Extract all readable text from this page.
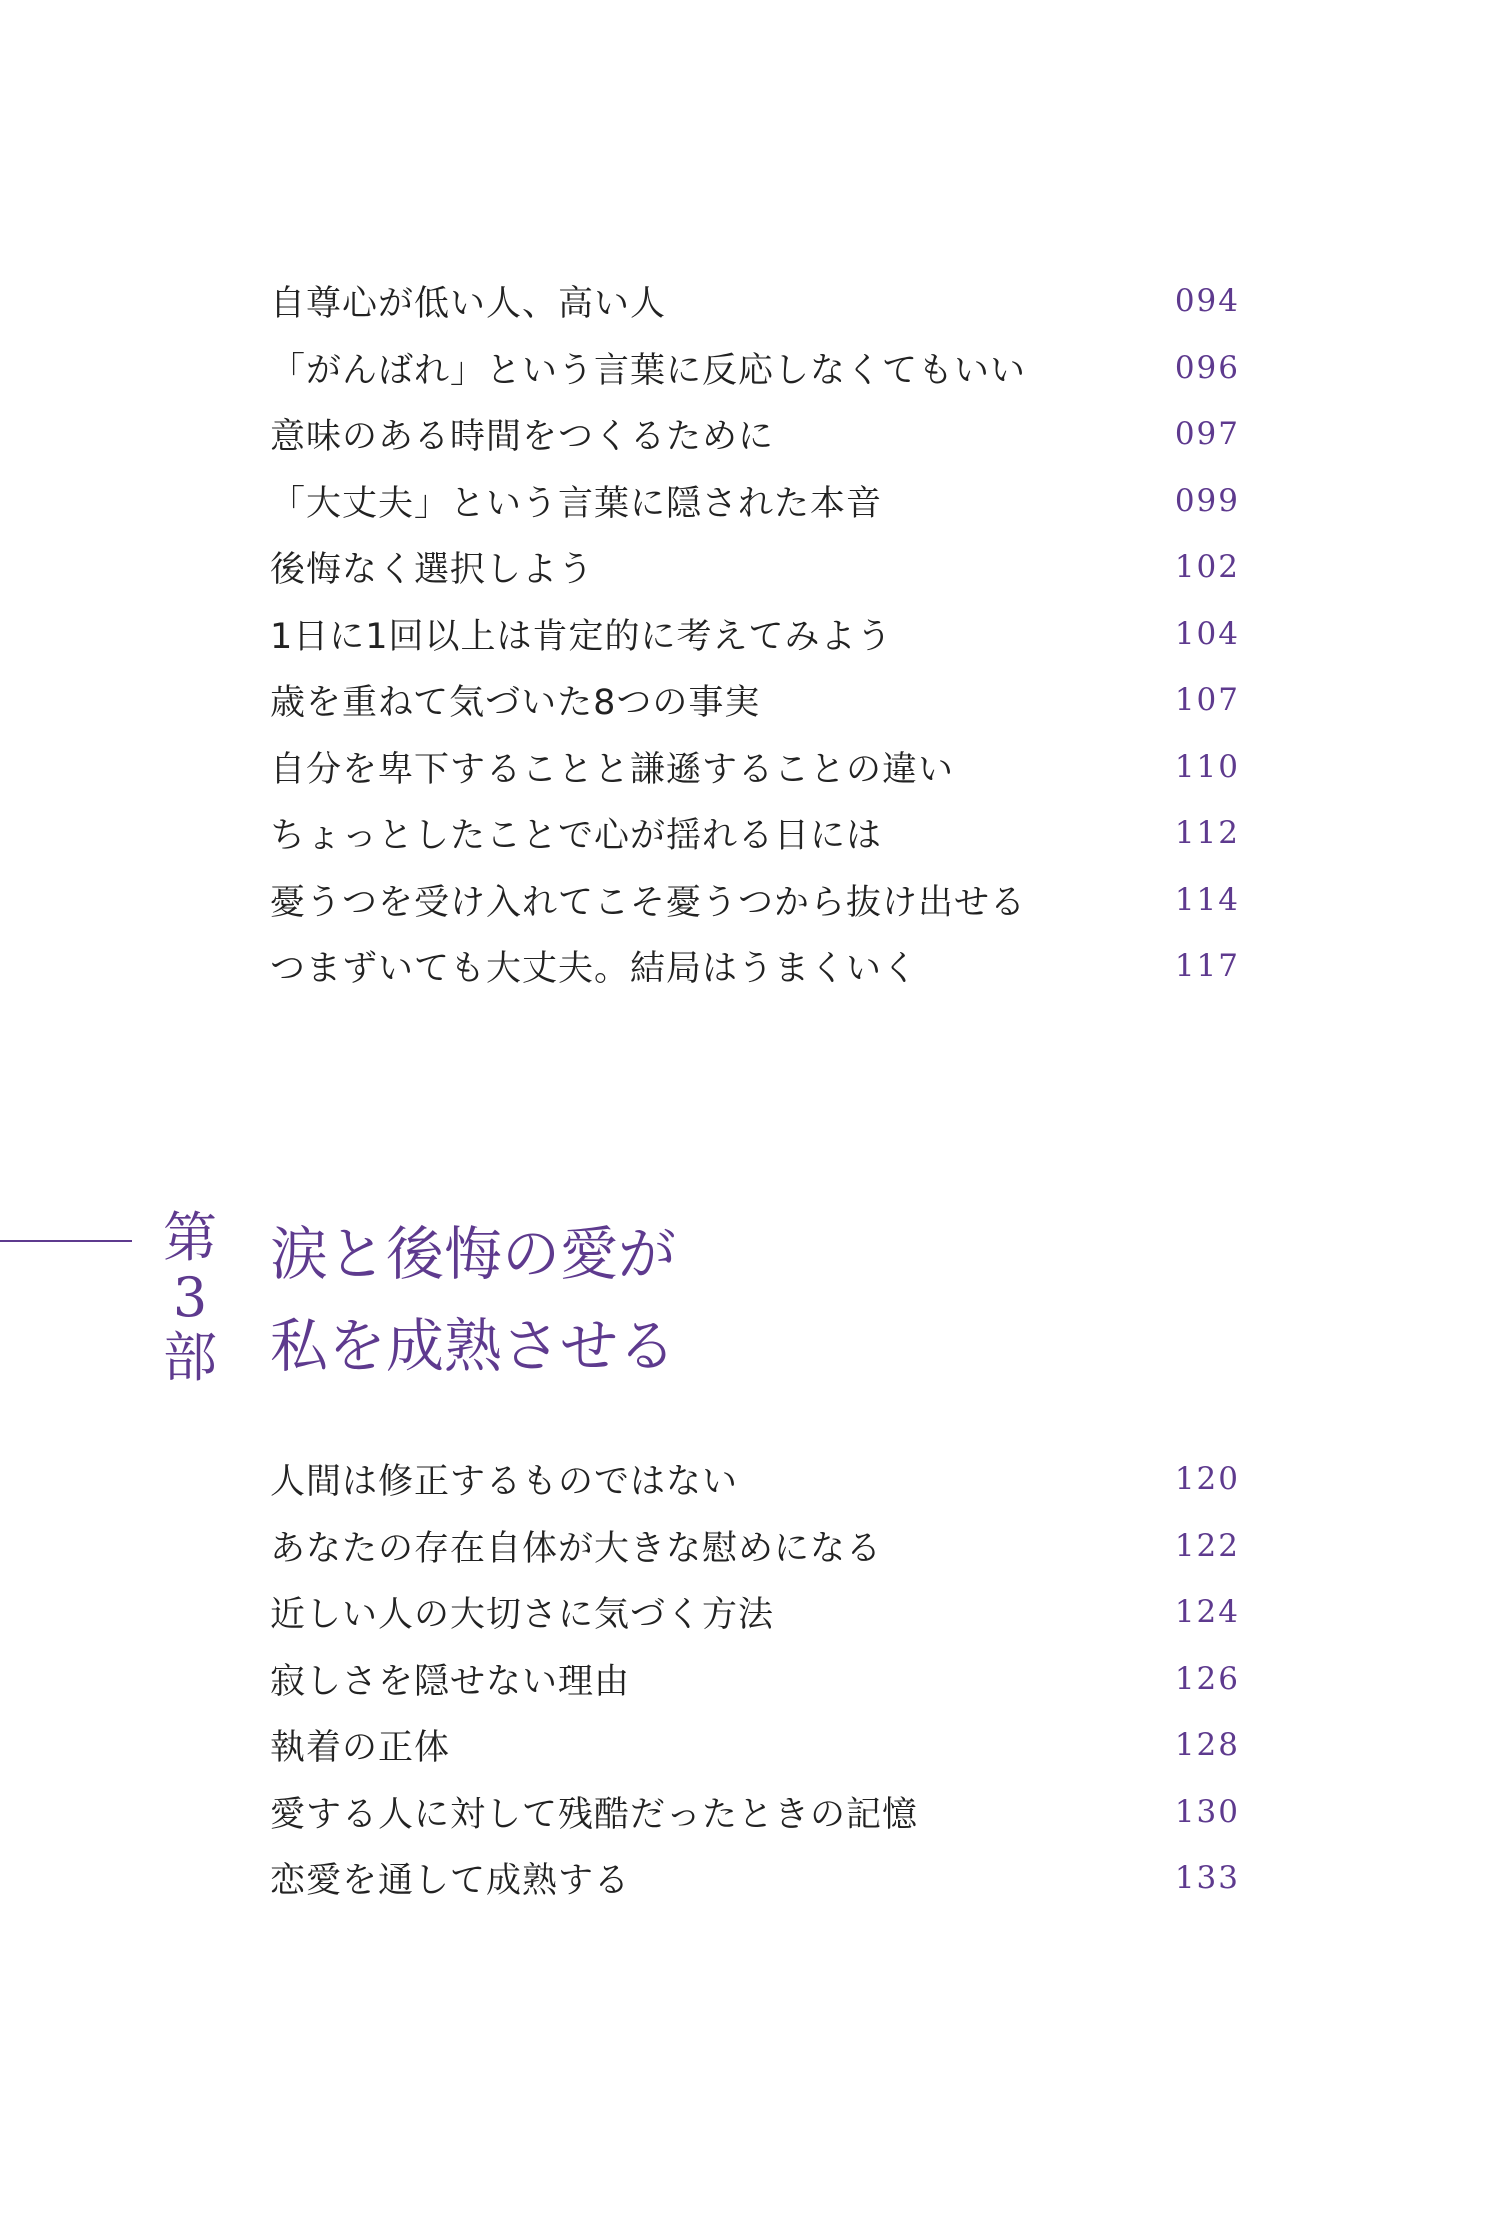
自尊心が低い人、高い人	094
「がんばれ」という言葉に反応しなくてもいい	096
意味のある時間をつくるために	097
「大丈夫」という言葉に隠された本音	099
後悔なく選択しよう	102
1日に1回以上は肯定的に考えてみよう	104
歳を重ねて気づいた8つの事実	107
自分を卑下することと謙遜することの違い	110
ちょっとしたことで心が揺れる日には	112
憂うつを受け入れてこそ憂うつから抜け出せる	114
つまずいても大丈夫。結局はうまくいく	117
第
3
部
涙と後悔の愛が
私を成熟させる
人間は修正するものではない	120
あなたの存在自体が大きな慰めになる	122
近しい人の大切さに気づく方法	124
寂しさを隠せない理由	126
執着の正体	128
愛する人に対して残酷だったときの記憶	130
恋愛を通して成熟する	133
